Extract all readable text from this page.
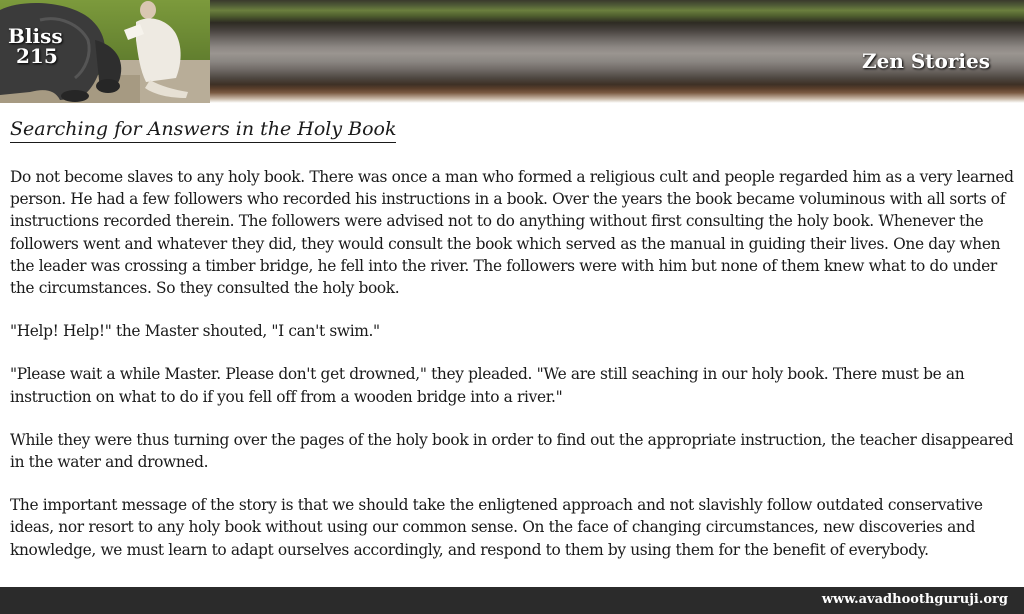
Bliss
215	Zen Stories
Searching for Answers in the Holy Book

Do not become slaves to any holy book. There was once a man who formed a religious cult and people regarded him as a very learned person. He had a few followers who recorded his instructions in a book. Over the years the book became voluminous with all sorts of instructions recorded therein. The followers were advised not to do anything without first consulting the holy book. Whenever the followers went and whatever they did, they would consult the book which served as the manual in guiding their lives. One day when the leader was crossing a timber bridge, he fell into the river. The followers were with him but none of them knew what to do under the circumstances. So they consulted the holy book.

"Help! Help!" the Master shouted, "I can't swim."

"Please wait a while Master. Please don't get drowned," they pleaded. "We are still seaching in our holy book. There must be an instruction on what to do if you fell off from a wooden bridge into a river."

While they were thus turning over the pages of the holy book in order to find out the appropriate instruction, the teacher disappeared in the water and drowned.

The important message of the story is that we should take the enligtened approach and not slavishly follow outdated conservative ideas, nor resort to any holy book without using our common sense. On the face of changing circumstances, new discoveries and knowledge, we must learn to adapt ourselves accordingly, and respond to them by using them for the benefit of everybody.

www.avadhoothguruji.org
